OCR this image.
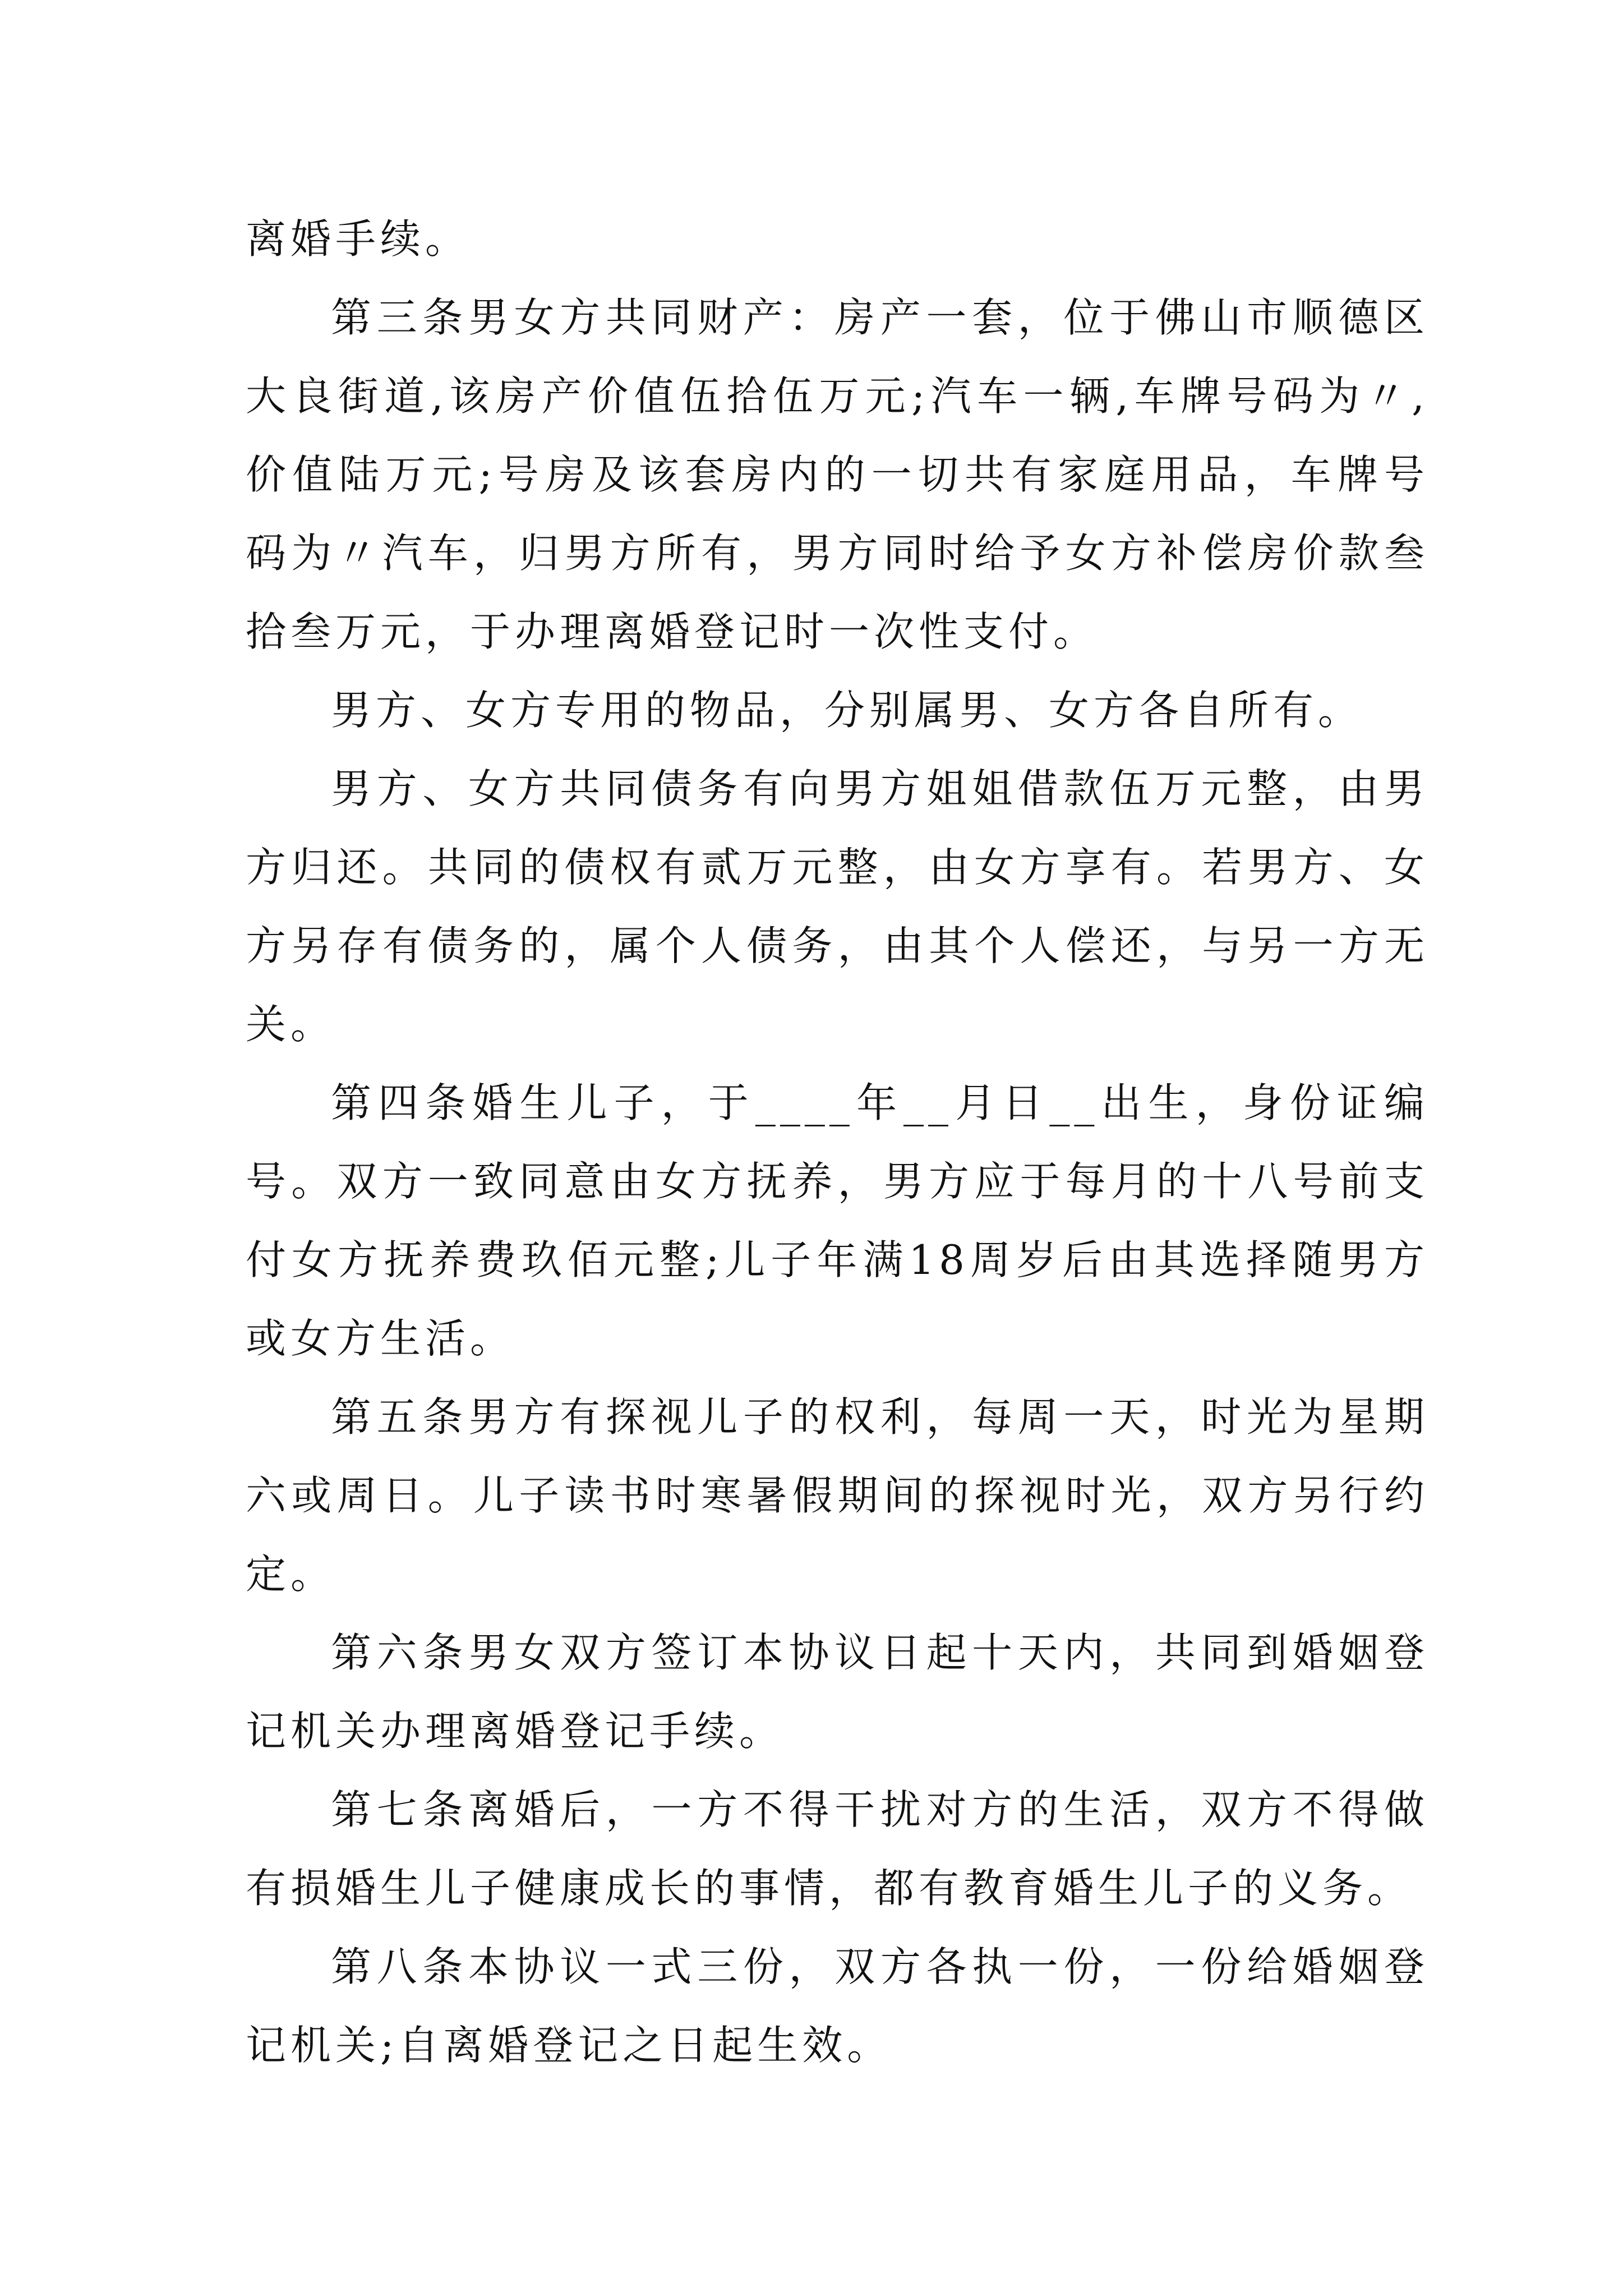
离婚手续。

第三条男女方共同财产：房产一套，位于佛山市顺德区大良街道,该房产价值伍拾伍万元;汽车一辆,车牌号码为〃,价值陆万元;号房及该套房内的一切共有家庭用品，车牌号码为〃汽车，归男方所有，男方同时给予女方补偿房价款叁拾叁万元，于办理离婚登记时一次性支付。

男方、女方专用的物品，分别属男、女方各自所有。

男方、女方共同债务有向男方姐姐借款伍万元整，由男方归还。共同的债权有贰万元整，由女方享有。若男方、女方另存有债务的，属个人债务，由其个人偿还，与另一方无关。

第四条婚生儿子，于____年__月日__出生，身份证编号。双方一致同意由女方抚养，男方应于每月的十八号前支付女方抚养费玖佰元整;儿子年满18周岁后由其选择随男方或女方生活。

第五条男方有探视儿子的权利，每周一天，时光为星期六或周日。儿子读书时寒暑假期间的探视时光，双方另行约定。

第六条男女双方签订本协议日起十天内，共同到婚姻登记机关办理离婚登记手续。

第七条离婚后，一方不得干扰对方的生活，双方不得做有损婚生儿子健康成长的事情，都有教育婚生儿子的义务。

第八条本协议一式三份，双方各执一份，一份给婚姻登记机关;自离婚登记之日起生效。
